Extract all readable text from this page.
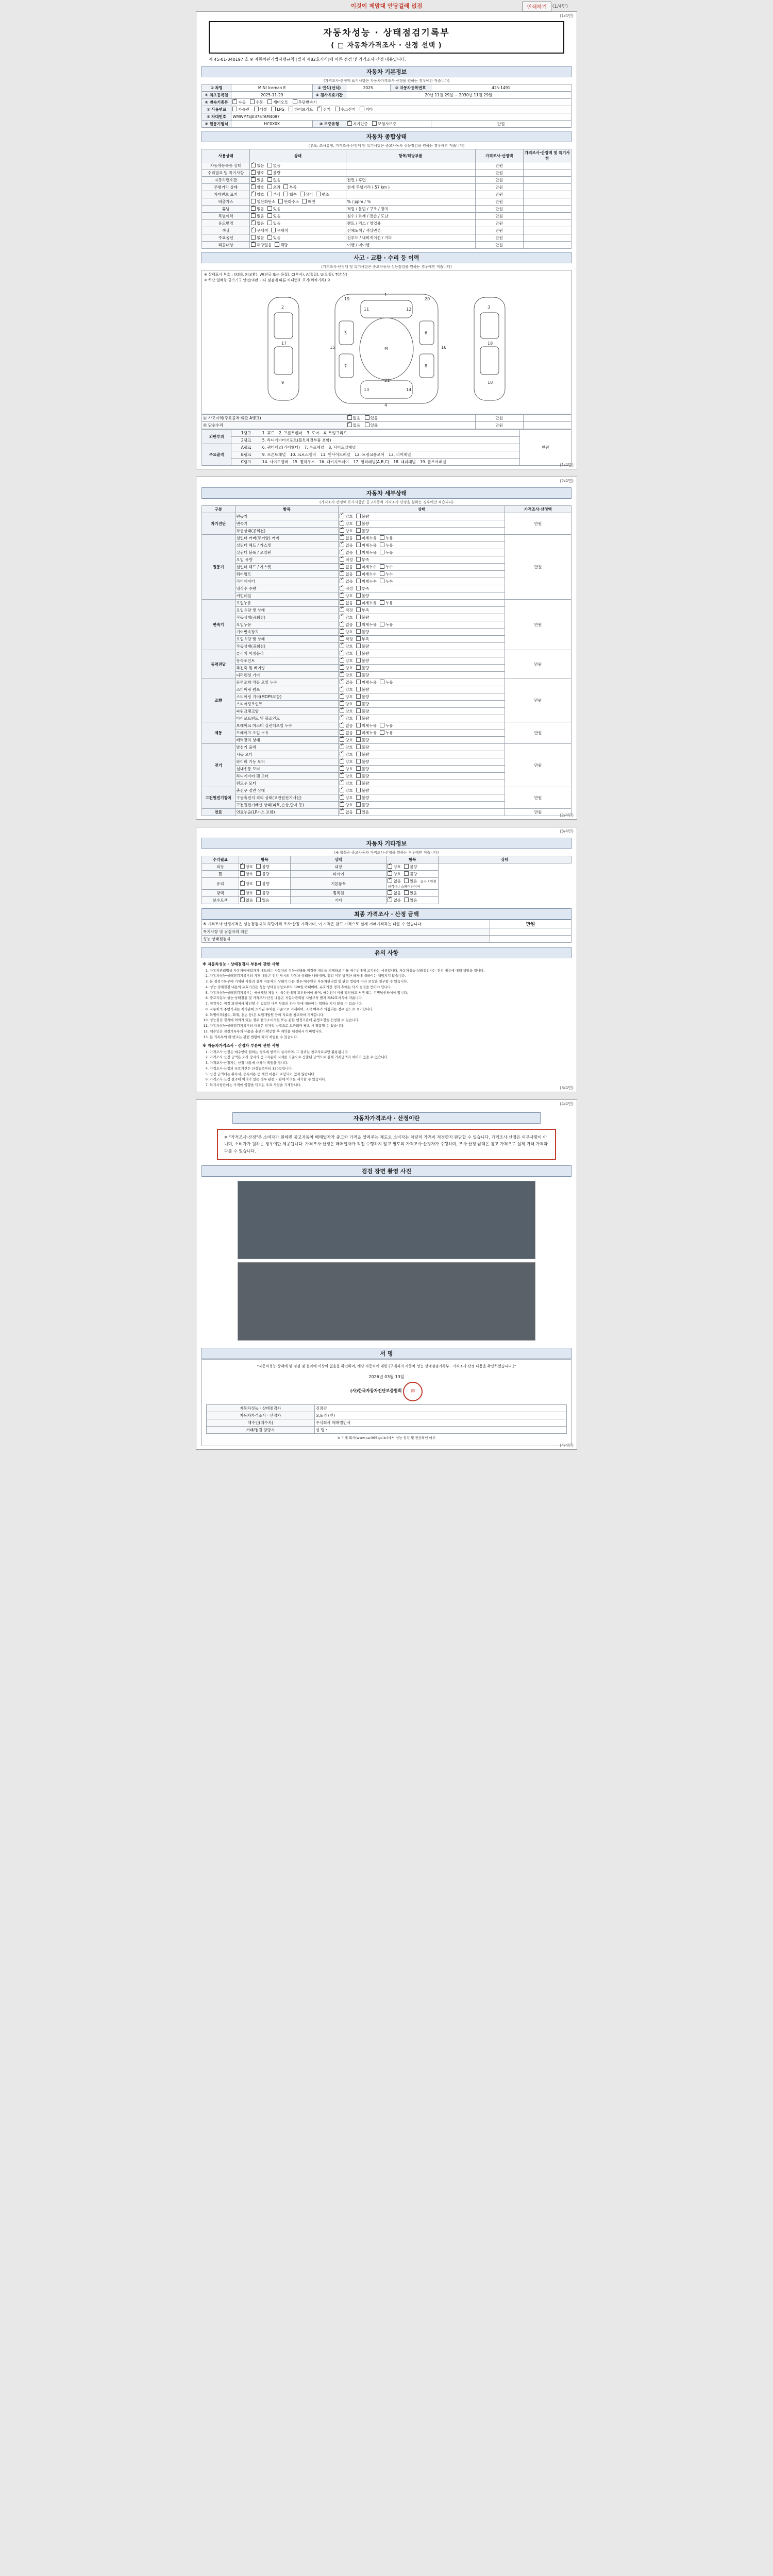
이것이 제맘대 안당걸래 없점	인쇄하기	(1/4면)
(1/4면)
자동차성능 · 상태점검기록부
( □ 자동차가격조사 · 산정 선택 )
제 45-01-040197 호 ※ 자동차관리법시행규칙 [별지 제82호서식]에 따른 점검 및 가격조사·산정 내용입니다.
자동차 기본정보
(가격조사·산정액 표기사항은 자동차가격조사·산정을 원하는 경우에만 적습니다)
① 차명	MINI Iceman E	② 연식(년식)	2025	③ 자동차등록번호	42노1491
④ 최초등록일	2025-11-29	⑤ 검사유효기간	20년 11월 29일 ~ 2030년 11월 29일		
⑥ 변속기종류	✓자동 수동 세미오토 무단변속기
⑦ 사용연료	가솔린 디젤 LPG 하이브리드 ✓ 전기 수소전기 기타
⑧ 차대번호	WMWP7SJ037STAM4087				
⑨ 원동기형식	HC0X0X	⑩ 보증유형	✓자기인증 보험사보증		만원
자동차 종합상태
(부호: 조사유형, 가격조사·산정액 및 특기사항은 중고자동차 성능점검을 원하는 경우에만 적습니다)
사용상태	상태	항목/해당부품	가격조사·산정액	가격조사·산정액 및 특기사항
자동차등록증 상태	✓있음 없음		만원	
수리필요 및 특기사항	✓양호 불량		만원	
자동차번호판	✓있음 없음	전면 / 후면	만원	
주행거리 상태	✓양호 초과 부족	현재 주행거리 ( 57 km )	만원	
차대번호 표기	✓양호 부식 훼손 상이 변조		만원	
배출가스	일산화탄소 탄화수소 매연	% / ppm / %	만원	
튜닝	✓없음 있음	적법 / 불법 / 구조 / 장치	만원	
특별이력	✓없음 있음	침수 / 화재 / 전손 / 도난	만원	
용도변경	✓없음 있음	렌트 / 리스 / 영업용	만원	
색상	✓무채색 유채색	전체도색 / 색상변경	만원	
주요옵션	없음 ✓ 있음	선루프 / 내비게이션 / 기타	만원	
리콜대상	✓해당없음 해당	이행 / 미이행	만원	
사고 · 교환 · 수리 등 이력
(가격조사·산정액 및 특기사항은 중고자동차 성능점검을 원하는 경우에만 적습니다)
※ 상태표시 부호 : (X)損, X(교환), W(판금 또는 용접), C(부식), A(흠집), U(요철), T(손상)
※ 하단 일체형 금속기구 안전/외판·기타 점검에 따른 차대번호 표기(위치기록) 요
1
2	3
4
5	6
7	8
M
9	10
11	12
13	14
15	16
17	18
19	20
21
⑬ 사고이력(주요골격·외판 A랭크)	✓없음 있음	만원	
⑭ 단순수리	✓없음 있음	만원	
외판부위	1랭크	1. 후드 2. 프론트휀더 3. 도어 4. 트렁크리드	만원
	2랭크	5. 라디에이터서포트(볼트체결부품 포함)	
주요골격	A랭크	6. 쿼터패널(리어휀더) 7. 루프패널 8. 사이드실패널	
	B랭크	9. 프론트패널 10. 크로스멤버 11. 인사이드패널 12. 트렁크플로어 13. 리어패널	
	C랭크	14. 사이드멤버 15. 휠하우스 16. 패키지트레이 17. 필러패널(A,B,C) 18. 대쉬패널 19. 플로어패널	
(1/4면)
(2/4면)
자동차 세부상태
(가격조사·산정액 표기사항은 중고자동차 가격조사·산정을 원하는 경우에만 적습니다)
구분	항목	상태	가격조사·산정액
자기진단	원동기	✓양호 불량	만원
	변속기	✓양호 불량
	작동상태(공회전)	✓양호 불량
원동기	실린더 커버(로커암) 커버	✓없음 미세누유 누유	만원
	실린더 헤드 / 가스켓	✓없음 미세누유 누유
	실린더 블록 / 오일팬	✓없음 미세누유 누유
	오일 유량	✓적정 부족
	실린더 헤드 / 가스켓	✓없음 미세누수 누수
	워터펌프	✓없음 미세누수 누수
	라디에이터	✓없음 미세누수 누수
	냉각수 수량	✓적정 부족
	커먼레일	✓양호 불량
변속기	오일누유	✓없음 미세누유 누유	만원
	오일유량 및 상태	✓적정 부족
	작동상태(공회전)	✓양호 불량
	오일누유	✓없음 미세누유 누유
	기어변속장치	✓양호 불량
	오일유량 및 상태	✓적정 부족
	작동상태(공회전)	✓양호 불량
동력전달	클러치 어셈블리	✓양호 불량	만원
	등속조인트	✓양호 불량
	추진축 및 베어링	✓양호 불량
	디퍼렌셜 기어	✓양호 불량
조향	동력조향 작동 오일 누유	✓없음 미세누유 누유	만원
	스티어링 펌프	✓양호 불량
	스티어링 기어(MDPS포함)	✓양호 불량
	스티어링조인트	✓양호 불량
	파워크랭크암	✓양호 불량
	타이로드엔드 및 볼조인트	✓양호 불량
제동	브레이크 마스터 실린더오일 누유	✓없음 미세누유 누유	만원
	브레이크 오일 누유	✓없음 미세누유 누유
	배력장치 상태	✓양호 불량
전기	발전기 출력	✓양호 불량	만원
	시동 모터	✓양호 불량
	와이퍼 기능 모터	✓양호 불량
	실내송풍 모터	✓양호 불량
	라디에이터 팬 모터	✓양호 불량
	윈도우 모터	✓양호 불량
고전원전기장치	충전구 절연 상태	✓양호 불량	만원
	구동축전지 격리 상태(고전원전기배선)	✓양호 불량
	고전원전기배선 상태(피복,손상,단자 등)	✓양호 불량
연료	연료누출(LP가스 포함)	✓없음 있음	만원
(2/4면)
(3/4면)
자동차 기타정보
(※ 항목은 중고자동차 가격조사·산정을 원하는 경우에만 적습니다)
수리필요	항목	상태	항목	상태
외장	✓양호 불량	내장	✓양호 불량
휠	✓양호 불량	타이어	✓양호 불량
유리	✓양호 불량	기본품목	✓없음 있음 공구 / 안전삼각대 / 스페어타이어
광택	✓양호 불량	휠복원	✓없음 있음
보수도색	✓없음 있음	기타	✓없음 있음
최종 가격조사 · 산정 금액
※ 가격조사·산정가격은 성능점검자의 차량가격 조사·산정 가격이며, 이 가격은 참고 가격으로 실제 거래가격과는 다를 수 있습니다.	만원
특기사항 및 점검자의 의견	
성능·상태점검자	
유의 사항
※ 자동차성능 · 상태점검자 부분에 관한 사항
1. 자동차관리법상 자동차매매업자가 매도하는 자동차의 성능·상태를 점검한 내용을 기재하고 이를 매수인에게 고지하는 서류입니다. 자동차성능·상태점검자는 점검 내용에 대해 책임을 집니다.
2. 자동차성능·상태점검기록부의 기재 내용은 점검 당시의 자동차 상태를 나타내며, 점검 이후 발생한 하자에 대하여는 책임지지 않습니다.
3. 본 점검기록부에 기재된 사항과 실제 자동차의 상태가 다른 경우 매수인은 자동차관리법 및 관련 법령에 따라 보상을 청구할 수 있습니다.
4. 성능·상태점검 내용의 유효기간은 성능·상태점검일로부터 120일 이내이며, 유효기간 경과 후에는 다시 점검을 받아야 합니다.
5. 자동차성능·상태점검기록부는 매매계약 체결 시 매수인에게 교부하여야 하며, 매수인이 이를 확인하고 서명 또는 기명날인하여야 합니다.
6. 중고자동차 성능·상태점검 및 가격조사·산정 내용은 자동차관리법 시행규칙 별지 제82호서식에 따릅니다.
7. 점검자는 점검 과정에서 확인할 수 없었던 내부 부품의 하자 등에 대하여는 책임을 지지 않을 수 있습니다.
8. 자동차의 주행거리는 계기판에 표시된 수치를 기준으로 기재하며, 조작 여부가 의심되는 경우 별도로 표기합니다.
9. 특별이력(침수, 화재, 전손 등)은 보험개발원 등의 자료를 참고하여 기재합니다.
10. 성능점검 결과에 이의가 있는 경우 한국소비자원 또는 관할 행정기관에 분쟁조정을 신청할 수 있습니다.
11. 자동차성능·상태점검기록부의 내용은 전자적 방법으로 보관되며 필요 시 열람할 수 있습니다.
12. 매수인은 점검기록부의 내용을 충분히 확인한 후 계약을 체결하시기 바랍니다.
13. 본 기록부의 위·변조는 관련 법령에 따라 처벌될 수 있습니다.
※ 자동차가격조사 · 산정자 부분에 관한 사항
1. 가격조사·산정은 매수인이 원하는 경우에 한하여 실시하며, 그 결과는 참고자료로만 활용됩니다.
2. 가격조사·산정 금액은 조사 당시의 중고자동차 시세를 기준으로 산출된 금액으로 실제 거래금액과 차이가 있을 수 있습니다.
3. 가격조사·산정자는 산정 내용에 대하여 책임을 집니다.
4. 가격조사·산정의 유효기간은 산정일로부터 120일입니다.
5. 산정 금액에는 취득세, 등록비용 등 제반 비용이 포함되어 있지 않습니다.
6. 가격조사·산정 결과에 이의가 있는 경우 관련 기관에 이의를 제기할 수 있습니다.
7. 특기사항란에는 가격에 영향을 미치는 주요 사항을 기재합니다.
(3/4면)
(4/4면)
자동차가격조사 · 산정이란
※ "가격조사·산정"은 소비자가 원하면 중고자동차 매매업자가 중고차 가격을 알려주는 제도로 소비자는 차량의 가격이 적정한지 판단할 수 있습니다. 가격조사·산정은 의무사항이 아니며, 소비자가 원하는 경우에만 제공됩니다. 가격조사·산정은 매매업자가 직접 수행하지 않고 별도의 가격조사·산정자가 수행하며, 조사·산정 금액은 참고 가격으로 실제 거래 가격과 다를 수 있습니다.
검검 장면 촬영 사진
서 명
"자동차성능·상태에 및 점검 및 결과에 이상이 없음을 확인하며, 해당 자동차에 대한 (구매자의 자동차 성능·상태점검기록부 · 가격조사·산정 내용을 확인하였습니다.)"
2026년 03월 13일
(사)한국자동차진단보증협회	印
자동차성능 · 상태점검자	김점검
자동차가격조사 · 산정자	오도경 (인)
매수인(매수자)	주식회사 매매법인사
거래/점검 담당자	성 명 :
※ 기재 회사(www.car365.go.kr)에서 성능 점검 및 전산확인 여부
(4/4면)
